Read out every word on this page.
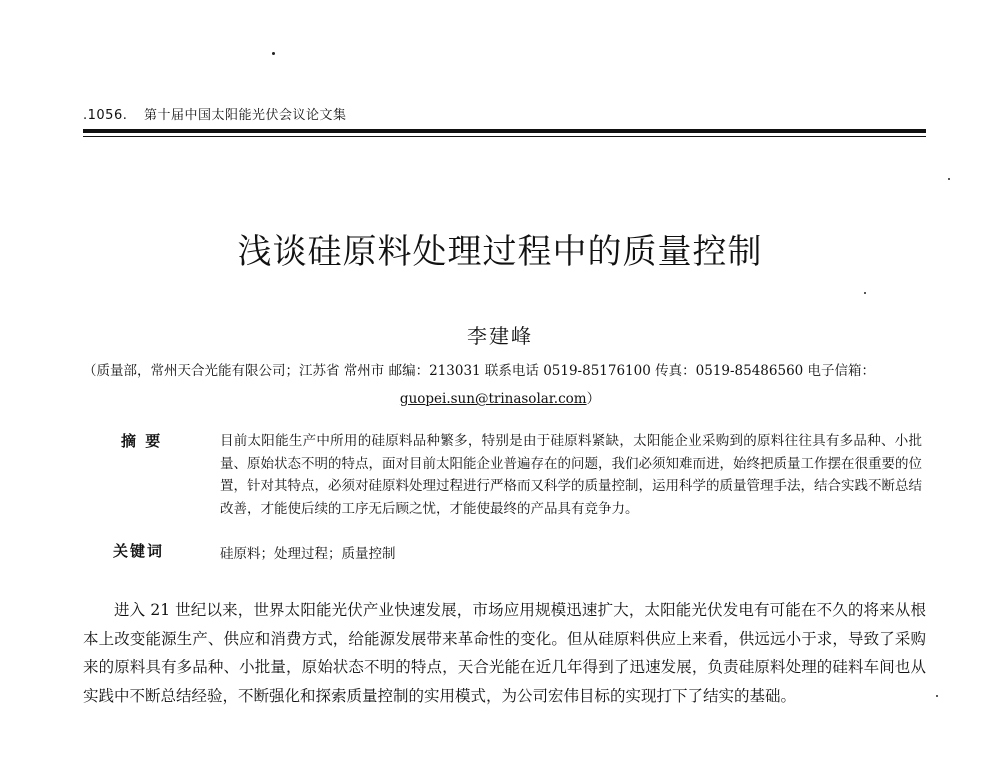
.1056. 第十届中国太阳能光伏会议论文集
浅谈硅原料处理过程中的质量控制
李建峰
（质量部，常州天合光能有限公司；江苏省 常州市 邮编：213031 联系电话 0519-85176100 传真：0519-85486560 电子信箱：
guopei.sun@trinasolar.com）
摘 要	目前太阳能生产中所用的硅原料品种繁多，特别是由于硅原料紧缺，太阳能企业采购到的原料往往具有多品种、小批量、原始状态不明的特点，面对目前太阳能企业普遍存在的问题，我们必须知难而进，始终把质量工作摆在很重要的位置，针对其特点，必须对硅原料处理过程进行严格而又科学的质量控制，运用科学的质量管理手法，结合实践不断总结改善，才能使后续的工序无后顾之忧，才能使最终的产品具有竞争力。
关键词	硅原料；处理过程；质量控制
进入 21 世纪以来，世界太阳能光伏产业快速发展，市场应用规模迅速扩大，太阳能光伏发电有可能在不久的将来从根本上改变能源生产、供应和消费方式，给能源发展带来革命性的变化。但从硅原料供应上来看，供远远小于求，导致了采购来的原料具有多品种、小批量，原始状态不明的特点，天合光能在近几年得到了迅速发展，负责硅原料处理的硅料车间也从实践中不断总结经验，不断强化和探索质量控制的实用模式，为公司宏伟目标的实现打下了结实的基础。
